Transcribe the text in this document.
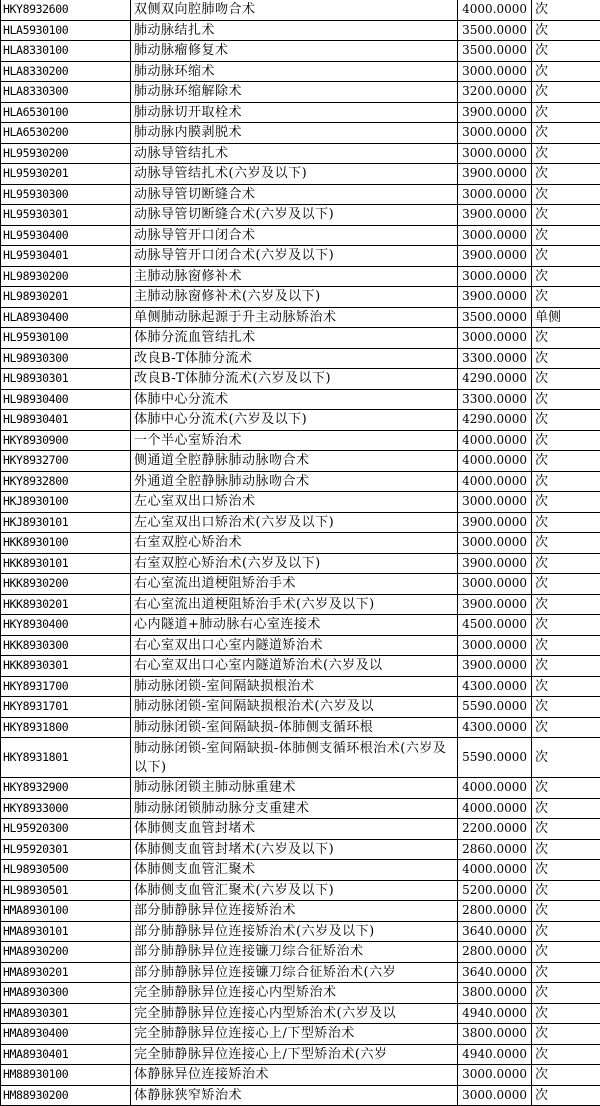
HKY8932600	双侧双向腔肺吻合术	4000.0000	次
HLA5930100	肺动脉结扎术	3500.0000	次
HLA8330100	肺动脉瘤修复术	3500.0000	次
HLA8330200	肺动脉环缩术	3000.0000	次
HLA8330300	肺动脉环缩解除术	3200.0000	次
HLA6530100	肺动脉切开取栓术	3900.0000	次
HLA6530200	肺动脉内膜剥脱术	3000.0000	次
HL95930200	动脉导管结扎术	3000.0000	次
HL95930201	动脉导管结扎术(六岁及以下)	3900.0000	次
HL95930300	动脉导管切断缝合术	3000.0000	次
HL95930301	动脉导管切断缝合术(六岁及以下)	3900.0000	次
HL95930400	动脉导管开口闭合术	3000.0000	次
HL95930401	动脉导管开口闭合术(六岁及以下)	3900.0000	次
HL98930200	主肺动脉窗修补术	3000.0000	次
HL98930201	主肺动脉窗修补术(六岁及以下)	3900.0000	次
HLA8930400	单侧肺动脉起源于升主动脉矫治术	3500.0000	单侧
HL95930100	体肺分流血管结扎术	3000.0000	次
HL98930300	改良B-T体肺分流术	3300.0000	次
HL98930301	改良B-T体肺分流术(六岁及以下)	4290.0000	次
HL98930400	体肺中心分流术	3300.0000	次
HL98930401	体肺中心分流术(六岁及以下)	4290.0000	次
HKY8930900	一个半心室矫治术	4000.0000	次
HKY8932700	侧通道全腔静脉肺动脉吻合术	4000.0000	次
HKY8932800	外通道全腔静脉肺动脉吻合术	4000.0000	次
HKJ8930100	左心室双出口矫治术	3000.0000	次
HKJ8930101	左心室双出口矫治术(六岁及以下)	3900.0000	次
HKK8930100	右室双腔心矫治术	3000.0000	次
HKK8930101	右室双腔心矫治术(六岁及以下)	3900.0000	次
HKK8930200	右心室流出道梗阻矫治手术	3000.0000	次
HKK8930201	右心室流出道梗阻矫治手术(六岁及以下)	3900.0000	次
HKY8930400	心内隧道+肺动脉右心室连接术	4500.0000	次
HKK8930300	右心室双出口心室内隧道矫治术	3000.0000	次
HKK8930301	右心室双出口心室内隧道矫治术(六岁及以	3900.0000	次
HKY8931700	肺动脉闭锁-室间隔缺损根治术	4300.0000	次
HKY8931701	肺动脉闭锁-室间隔缺损根治术(六岁及以	5590.0000	次
HKY8931800	肺动脉闭锁-室间隔缺损-体肺侧支循环根	4300.0000	次
HKY8931801	肺动脉闭锁-室间隔缺损-体肺侧支循环根治术(六岁及以下)	5590.0000	次
HKY8932900	肺动脉闭锁主肺动脉重建术	4000.0000	次
HKY8933000	肺动脉闭锁肺动脉分支重建术	4000.0000	次
HL95920300	体肺侧支血管封堵术	2200.0000	次
HL95920301	体肺侧支血管封堵术(六岁及以下)	2860.0000	次
HL98930500	体肺侧支血管汇聚术	4000.0000	次
HL98930501	体肺侧支血管汇聚术(六岁及以下)	5200.0000	次
HMA8930100	部分肺静脉异位连接矫治术	2800.0000	次
HMA8930101	部分肺静脉异位连接矫治术(六岁及以下)	3640.0000	次
HMA8930200	部分肺静脉异位连接镰刀综合征矫治术	2800.0000	次
HMA8930201	部分肺静脉异位连接镰刀综合征矫治术(六岁	3640.0000	次
HMA8930300	完全肺静脉异位连接心内型矫治术	3800.0000	次
HMA8930301	完全肺静脉异位连接心内型矫治术(六岁及以	4940.0000	次
HMA8930400	完全肺静脉异位连接心上/下型矫治术	3800.0000	次
HMA8930401	完全肺静脉异位连接心上/下型矫治术(六岁	4940.0000	次
HM88930100	体静脉异位连接矫治术	3000.0000	次
HM88930200	体静脉狭窄矫治术	3000.0000	次
